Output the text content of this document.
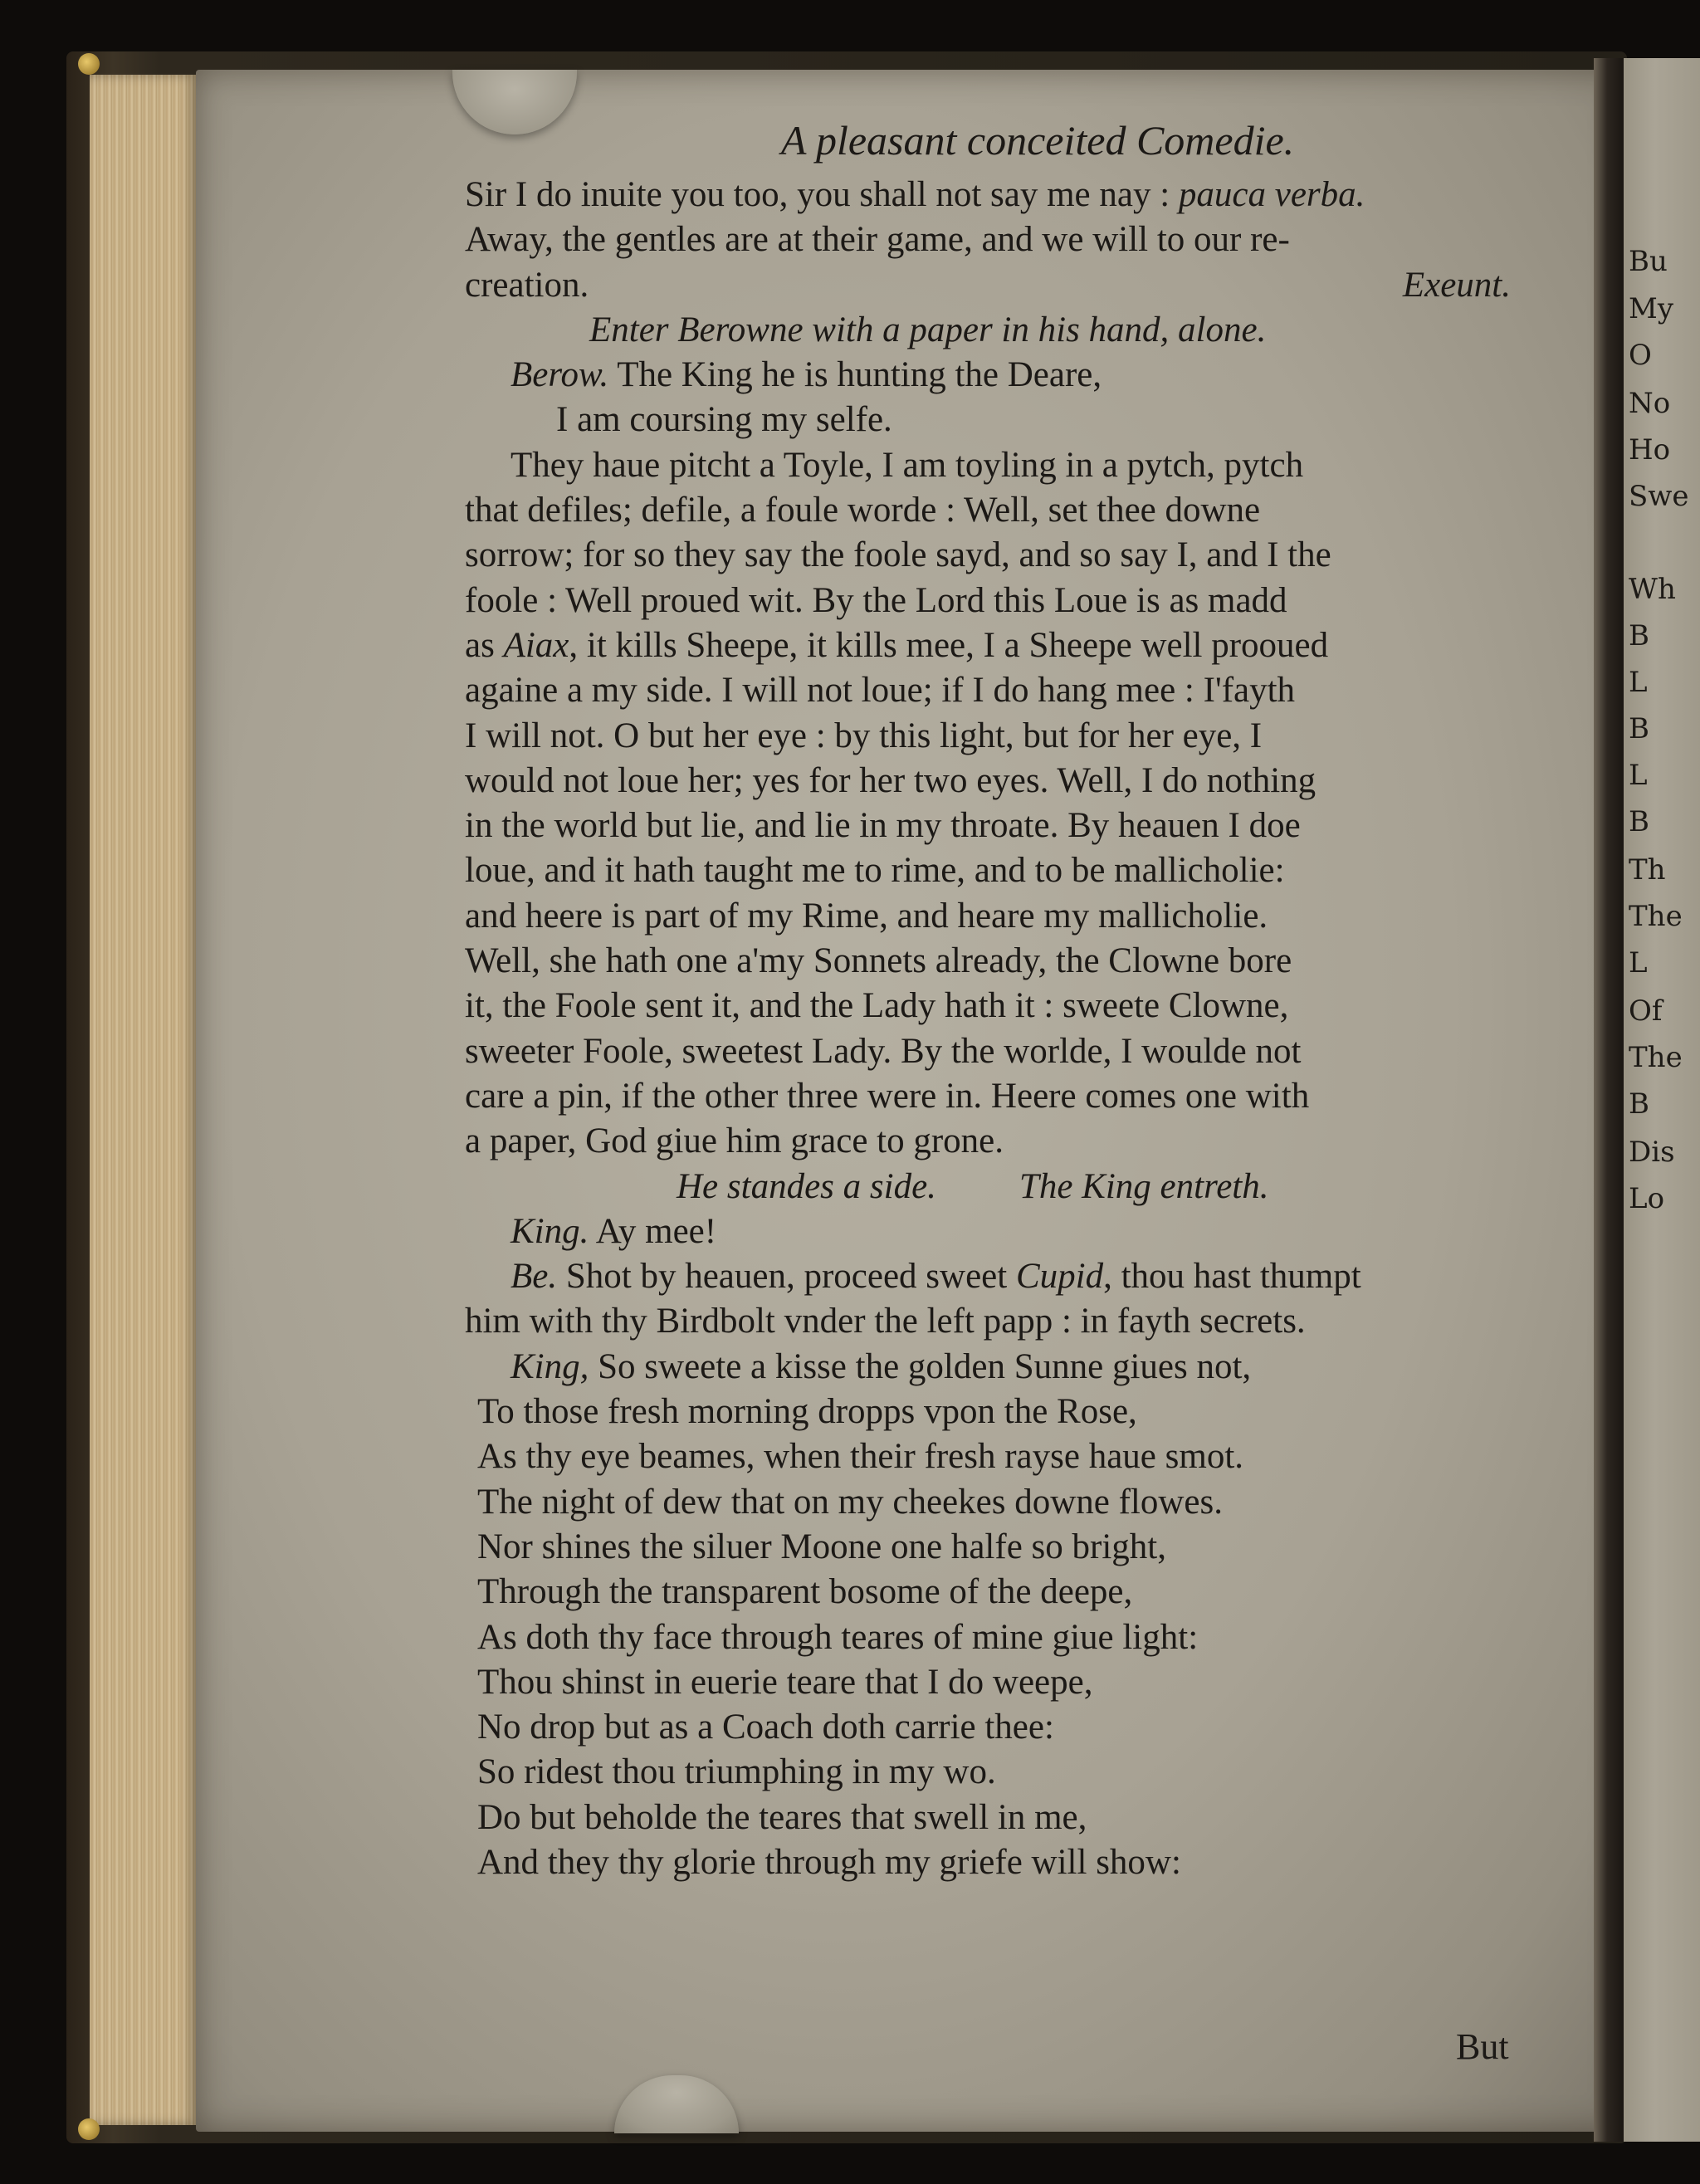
Bu
My
O
No
Ho
Swe
Wh
B
L
B
L
B
Th
The
L
Of
The
B
Dis
Lo
A pleasant conceited Comedie.
Sir I do inuite you too, you shall not say me nay : pauca verba.
Away, the gentles are at their game, and we will to our re-
creation.	Exeunt.
Enter Berowne with a paper in his hand, alone.
Berow. The King he is hunting the Deare,
I am coursing my selfe.
They haue pitcht a Toyle, I am toyling in a pytch, pytch
that defiles; defile, a foule worde : Well, set thee downe
sorrow; for so they say the foole sayd, and so say I, and I the
foole : Well proued wit. By the Lord this Loue is as madd
as Aiax, it kills Sheepe, it kills mee, I a Sheepe well prooued
againe a my side. I will not loue; if I do hang mee : I'fayth
I will not. O but her eye : by this light, but for her eye, I
would not loue her; yes for her two eyes. Well, I do nothing
in the world but lie, and lie in my throate. By heauen I doe
loue, and it hath taught me to rime, and to be mallicholie:
and heere is part of my Rime, and heare my mallicholie.
Well, she hath one a'my Sonnets already, the Clowne bore
it, the Foole sent it, and the Lady hath it : sweete Clowne,
sweeter Foole, sweetest Lady. By the worlde, I woulde not
care a pin, if the other three were in. Heere comes one with
a paper, God giue him grace to grone.
He standes a side. The King entreth.
King. Ay mee!
Be. Shot by heauen, proceed sweet Cupid, thou hast thumpt
him with thy Birdbolt vnder the left papp : in fayth secrets.
King, So sweete a kisse the golden Sunne giues not,
To those fresh morning dropps vpon the Rose,
As thy eye beames, when their fresh rayse haue smot.
The night of dew that on my cheekes downe flowes.
Nor shines the siluer Moone one halfe so bright,
Through the transparent bosome of the deepe,
As doth thy face through teares of mine giue light:
Thou shinst in euerie teare that I do weepe,
No drop but as a Coach doth carrie thee:
So ridest thou triumphing in my wo.
Do but beholde the teares that swell in me,
And they thy glorie through my griefe will show:
But
